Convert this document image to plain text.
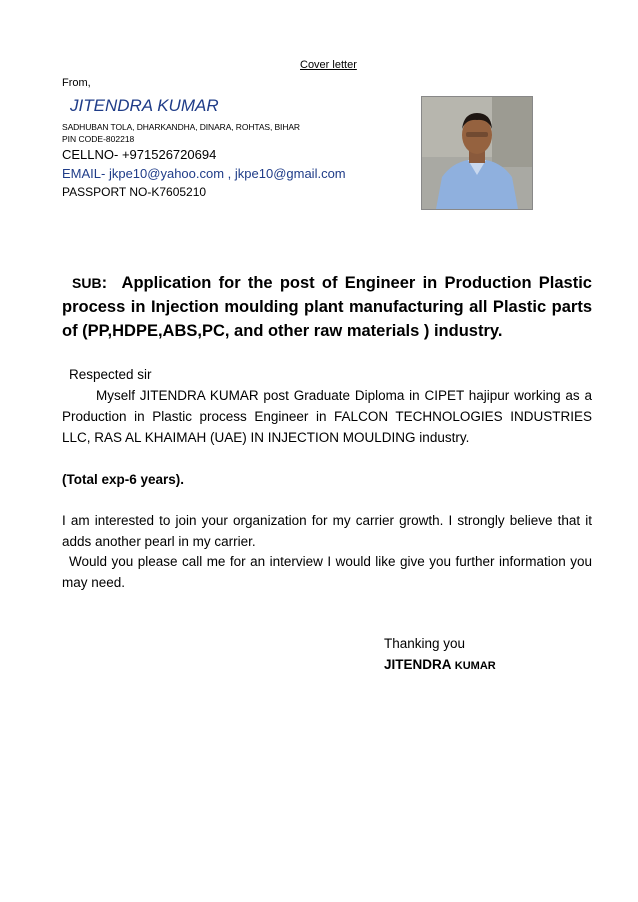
Cover letter
From,
JITENDRA KUMAR
SADHUBAN TOLA, DHARKANDHA, DINARA, ROHTAS, BIHAR
PIN CODE-802218
CELLNO- +971526720694
EMAIL- jkpe10@yahoo.com , jkpe10@gmail.com
PASSPORT NO-K7605210
SUB:  Application for the post of Engineer in Production Plastic process in Injection moulding plant manufacturing all Plastic parts of (PP,HDPE,ABS,PC, and other raw materials ) industry.
Respected sir
Myself JITENDRA KUMAR post Graduate Diploma in CIPET hajipur working as a Production in Plastic process Engineer in FALCON TECHNOLOGIES INDUSTRIES LLC, RAS AL KHAIMAH (UAE) IN INJECTION MOULDING industry.
(Total exp-6 years).
I am interested to join your organization for my carrier growth. I strongly believe that it adds another pearl in my carrier.
Would you please call me for an interview I would like give you further information you may need.
Thanking you
JITENDRA KUMAR
